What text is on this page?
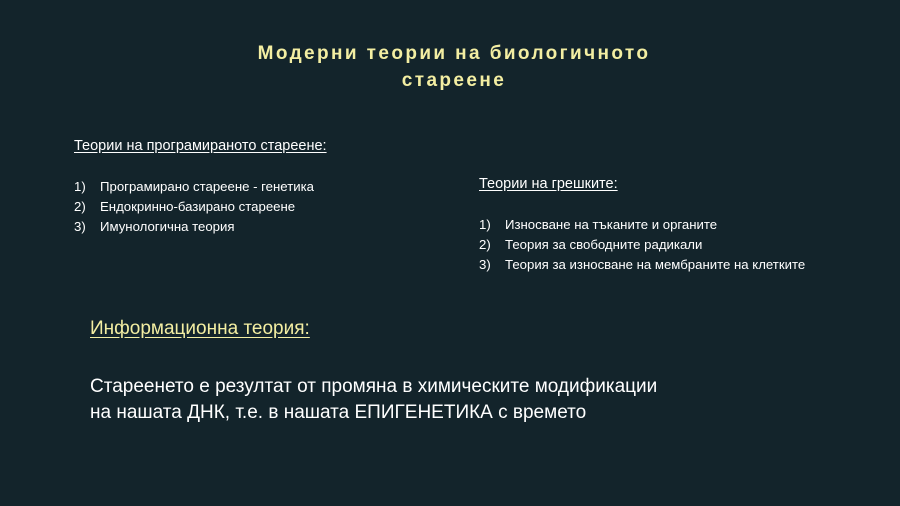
Модерни теории на биологичното
стареене

Теории на програмираното стареене:

1) Програмирано стареене - генетика
2) Ендокринно-базирано стареене
3) Имунологична теория

Теории на грешките:

1) Износване на тъканите и органите
2) Теория за свободните радикали
3) Теория за износване на мембраните на клетките

Информационна теория:

Стареенето е резултат от промяна в химическите модификации
на нашата ДНК, т.е. в нашата ЕПИГЕНЕТИКА с времето
